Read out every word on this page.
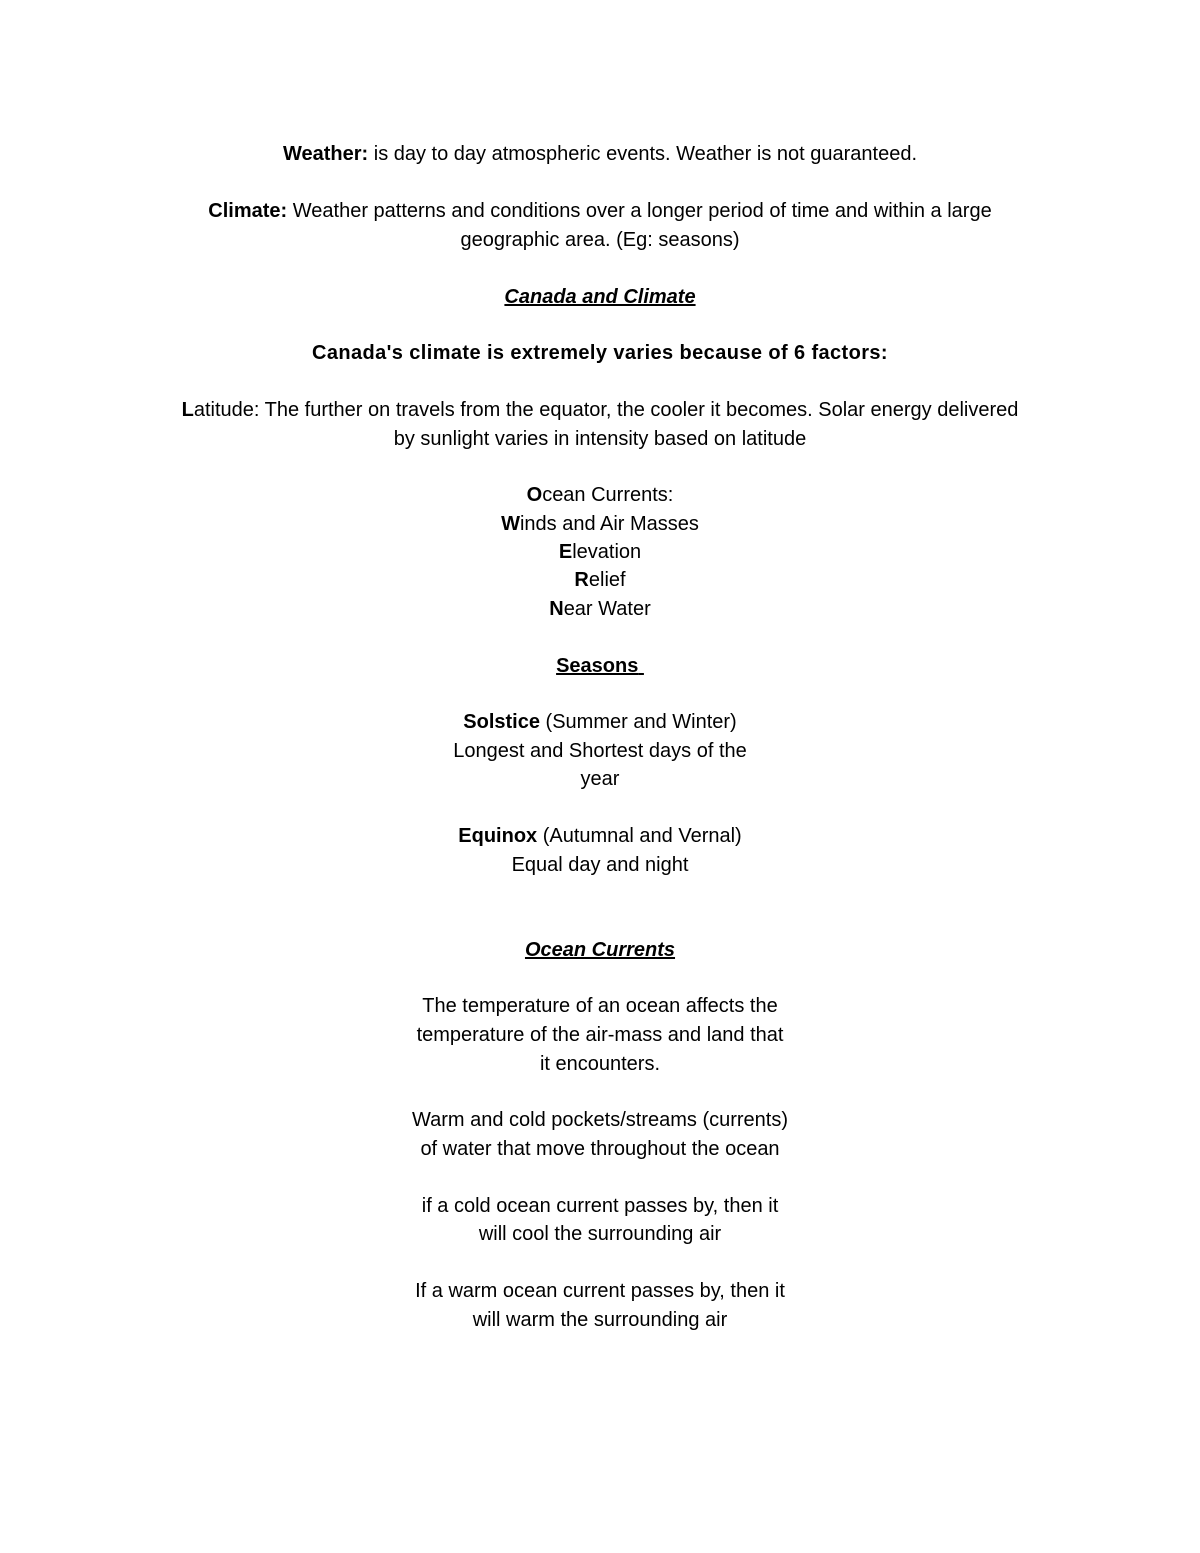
Weather: is day to day atmospheric events. Weather is not guaranteed.
Climate: Weather patterns and conditions over a longer period of time and within a large
geographic area. (Eg: seasons)
Canada and Climate
Canada's climate is extremely varies because of 6 factors:
Latitude: The further on travels from the equator, the cooler it becomes. Solar energy delivered
by sunlight varies in intensity based on latitude
Ocean Currents:
Winds and Air Masses
Elevation
Relief
Near Water
Seasons
Solstice (Summer and Winter)
Longest and Shortest days of the
year
Equinox (Autumnal and Vernal)
Equal day and night
Ocean Currents
The temperature of an ocean affects the
temperature of the air-mass and land that
it encounters.
Warm and cold pockets/streams (currents)
of water that move throughout the ocean
if a cold ocean current passes by, then it
will cool the surrounding air
If a warm ocean current passes by, then it
will warm the surrounding air
